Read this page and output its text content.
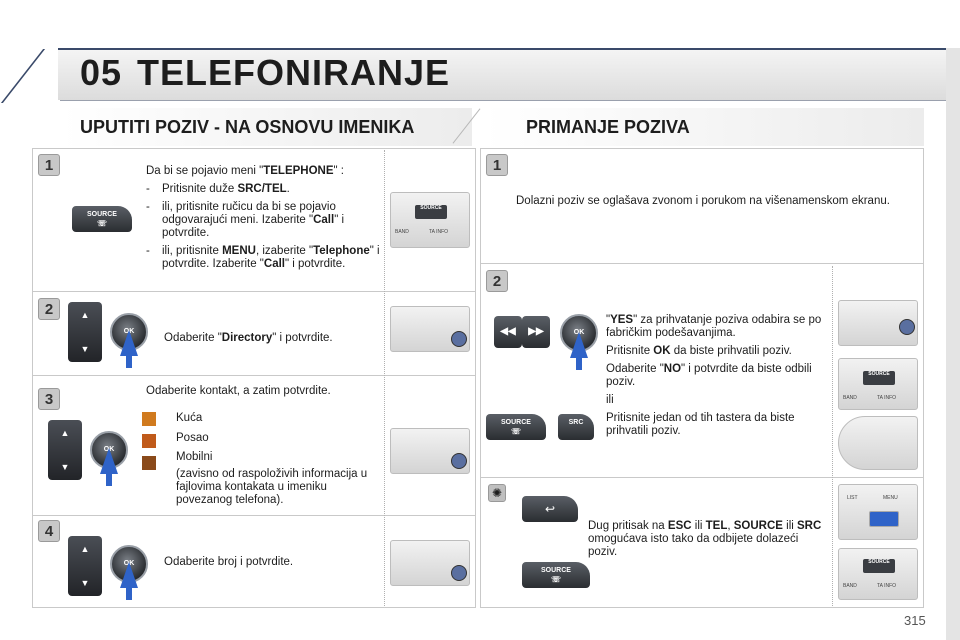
05 TELEFONIRANJE
UPUTITI POZIV - NA OSNOVU IMENIKA	PRIMANJE POZIVA
1
SOURCE
☏
Da bi se pojavio meni "TELEPHONE" :
-	Pritisnite duže SRC/TEL.
-	ili, pritisnite ručicu da bi se pojavio odgovarajući meni. Izaberite "Call" i potvrdite.
-	ili, pritisnite MENU, izaberite "Telephone" i potvrdite. Izaberite "Call" i potvrdite.
SOURCE
BAND	TA INFO
2	▲
▼
OK
Odaberite "Directory" i potvrdite.
3	Odaberite kontakt, a zatim potvrdite.
▲
▼
OK
Kuća
Posao
Mobilni
(zavisno od raspoloživih informacija u fajlovima kontakata u imeniku povezanog telefona).
4
▲
▼
OK	Odaberite broj i potvrdite.
1
Dolazni poziv se oglašava zvonom i porukom na višenamenskom ekranu.
2
◀◀	▶▶	OK
SOURCE
☏
SRC
"YES" za prihvatanje poziva odabira se po fabričkim podešavanjima.
Pritisnite OK da biste prihvatili poziv.
Odaberite "NO" i potvrdite da biste odbili poziv.
ili
Pritisnite jedan od tih tastera da biste prihvatili poziv.
SOURCE
BAND	TA INFO
✺
↩
SOURCE
☏
Dug pritisak na ESC ili TEL, SOURCE ili SRC omogućava isto tako da odbijete dolazeći poziv.
LIST	MENU
SOURCE
BAND	TA INFO
315
